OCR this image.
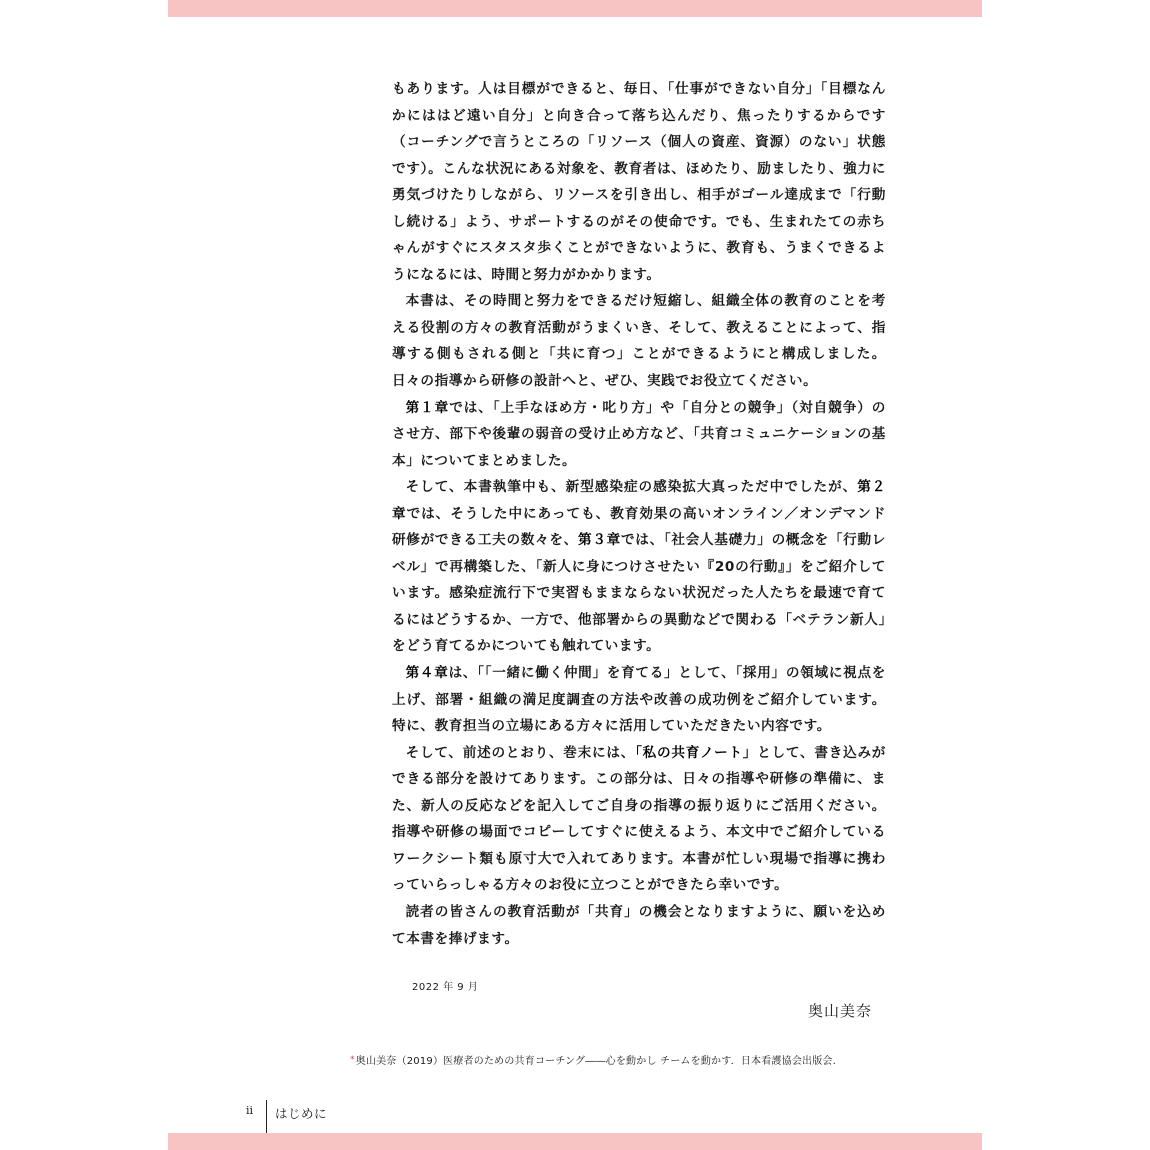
もあります。人は目標ができると、毎日、「仕事ができない自分」「目標なんかにははど遠い自分」と向き合って落ち込んだり、焦ったりするからです（コーチングで言うところの「リソース（個人の資産、資源）のない」状態です）。こんな状況にある対象を、教育者は、ほめたり、励ましたり、強力に勇気づけたりしながら、リソースを引き出し、相手がゴール達成まで「行動し続ける」よう、サポートするのがその使命です。でも、生まれたての赤ちゃんがすぐにスタスタ歩くことができないように、教育も、うまくできるようになるには、時間と努力がかかります。

本書は、その時間と努力をできるだけ短縮し、組織全体の教育のことを考える役割の方々の教育活動がうまくいき、そして、教えることによって、指導する側もされる側と「共に育つ」ことができるようにと構成しました。日々の指導から研修の設計へと、ぜひ、実践でお役立てください。

第１章では、「上手なほめ方・叱り方」や「自分との競争」（対自競争）のさせ方、部下や後輩の弱音の受け止め方など、「共育コミュニケーションの基本」についてまとめました。

そして、本書執筆中も、新型感染症の感染拡大真っただ中でしたが、第２章では、そうした中にあっても、教育効果の高いオンライン／オンデマンド研修ができる工夫の数々を、第３章では、「社会人基礎力」の概念を「行動レベル」で再構築した、「新人に身につけさせたい『20の行動』」をご紹介しています。感染症流行下で実習もままならない状況だった人たちを最速で育てるにはどうするか、一方で、他部署からの異動などで関わる「ベテラン新人」をどう育てるかについても触れています。

第４章は、「「一緒に働く仲間」を育てる」として、「採用」の領域に視点を上げ、部署・組織の満足度調査の方法や改善の成功例をご紹介しています。特に、教育担当の立場にある方々に活用していただきたい内容です。

そして、前述のとおり、巻末には、「私の共育ノート」として、書き込みができる部分を設けてあります。この部分は、日々の指導や研修の準備に、また、新人の反応などを記入してご自身の指導の振り返りにご活用ください。指導や研修の場面でコピーしてすぐに使えるよう、本文中でご紹介しているワークシート類も原寸大で入れてあります。本書が忙しい現場で指導に携わっていらっしゃる方々のお役に立つことができたら幸いです。

読者の皆さんの教育活動が「共育」の機会となりますように、願いを込めて本書を捧げます。

2022 年 9 月
奥山美奈
*奥山美奈（2019）医療者のための共育コーチング――心を動かし チームを動かす．日本看護協会出版会.
ii	はじめに
